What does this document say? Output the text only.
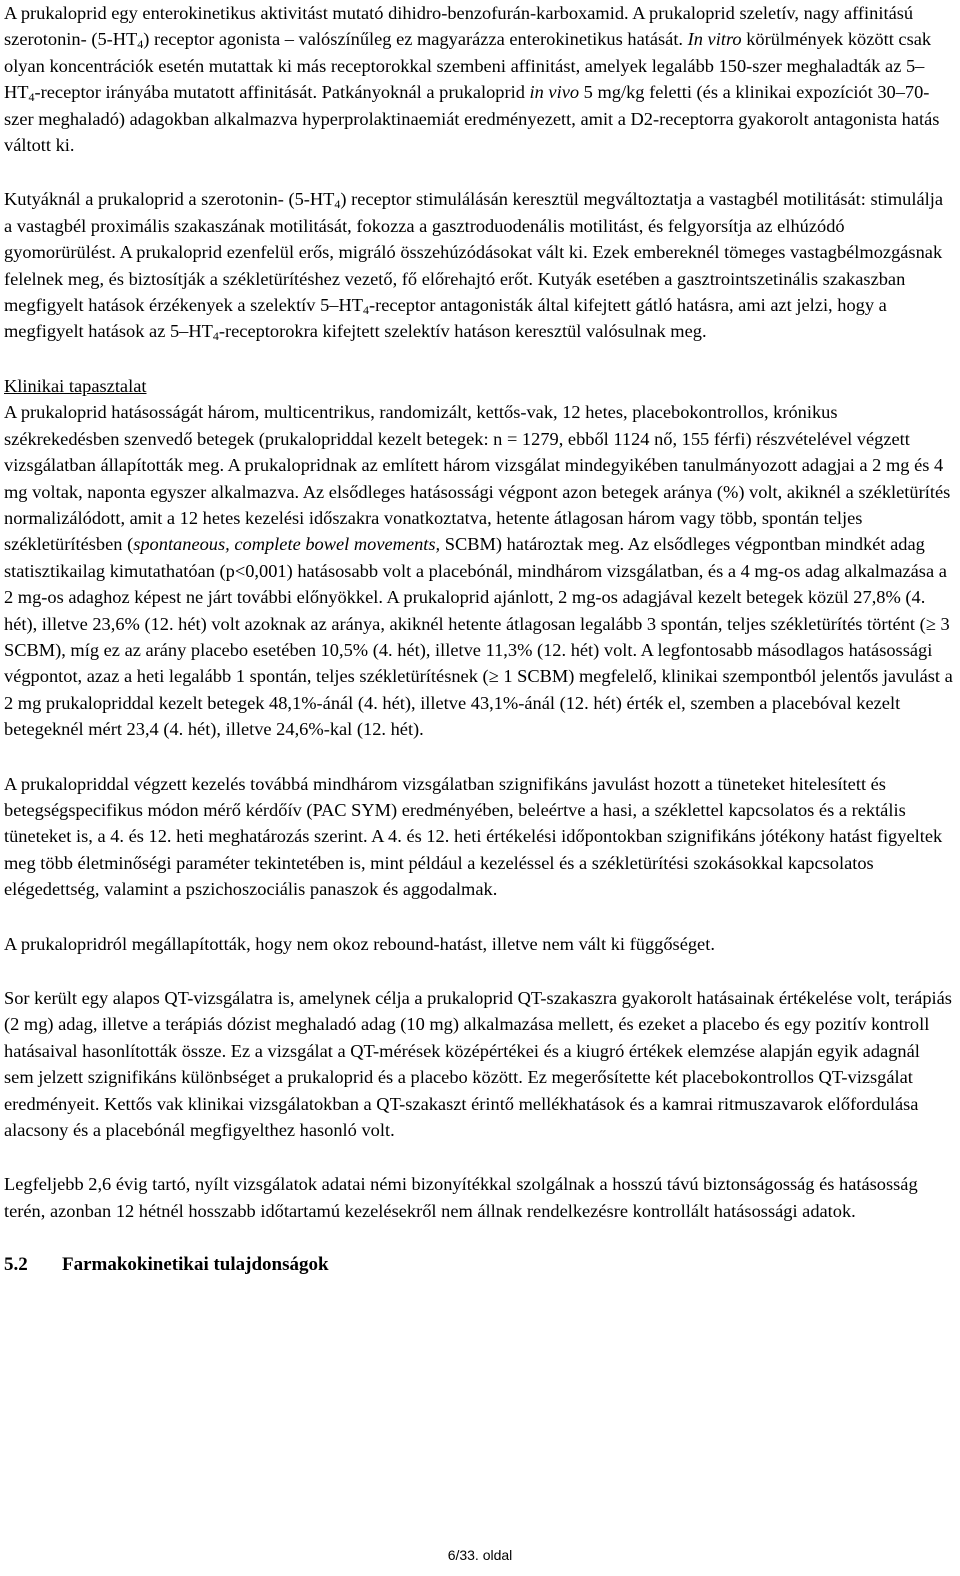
A prukaloprid egy enterokinetikus aktivitást mutató dihidro-benzofurán-karboxamid. A prukaloprid szeletív, nagy affinitású szerotonin- $(5-HT_4)$ receptor agonista – valószínűleg ez magyarázza enterokinetikus hatását. In vitro körülmények között csak olyan koncentrációk esetén mutattak ki más receptorokkal szembeni affinitást, amelyek legalább 150-szer meghaladták az $5-HT_4$-receptor irányába mutatott affinitását. Patkányoknál a prukaloprid in vivo 5 mg/kg feletti (és a klinikai expozíciót 30–70-szer meghaladó) adagokban alkalmazva hyperprolaktinaemiát eredményezett, amit a D2-receptorra gyakorolt antagonista hatás váltott ki.

Kutyáknál a prukaloprid a szerotonin- $(5-HT_4)$ receptor stimulálásán keresztül megváltoztatja a vastagbél motilitását: stimulálja a vastagbél proximális szakaszának motilitását, fokozza a gasztroduodenális motilitást, és felgyorsítja az elhúzódó gyomorürülést. A prukaloprid ezenfelül erős, migráló összehúzódásokat vált ki. Ezek embereknél tömeges vastagbélmozgásnak felelnek meg, és biztosítják a székletürítéshez vezető, fő előrehajtó erőt. Kutyák esetében a gasztrointszetinális szakaszban megfigyelt hatások érzékenyek a szelektív $5-HT_4$-receptor antagonisták által kifejtett gátló hatásra, ami azt jelzi, hogy a megfigyelt hatások az $5-HT_4$-receptorokra kifejtett szelektív hatáson keresztül valósulnak meg.

Klinikai tapasztalat

A prukaloprid hatásosságát három, multicentrikus, randomizált, kettős-vak, 12 hetes, placebokontrollos, krónikus székrekedésben szenvedő betegek (prukalopriddal kezelt betegek: n = 1279, ebből 1124 nő, 155 férfi) részvételével végzett vizsgálatban állapították meg. A prukalopridnak az említett három vizsgálat mindegyikében tanulmányozott adagjai a 2 mg és 4 mg voltak, naponta egyszer alkalmazva. Az elsődleges hatásossági végpont azon betegek aránya (%) volt, akiknél a székletürítés normalizálódott, amit a 12 hetes kezelési időszakra vonatkoztatva, hetente átlagosan három vagy több, spontán teljes székletürítésben (spontaneous, complete bowel movements, SCBM) határoztak meg. Az elsődleges végpontban mindkét adag statisztikailag kimutathatóan (p<0,001) hatásosabb volt a placebónál, mindhárom vizsgálatban, és a 4 mg-os adag alkalmazása a 2 mg-os adaghoz képest ne járt további előnyökkel. A prukaloprid ajánlott, 2 mg-os adagjával kezelt betegek közül 27,8% (4. hét), illetve 23,6% (12. hét) volt azoknak az aránya, akiknél hetente átlagosan legalább 3 spontán, teljes székletürítés történt (≥ 3 SCBM), míg ez az arány placebo esetében 10,5% (4. hét), illetve 11,3% (12. hét) volt. A legfontosabb másodlagos hatásossági végpontot, azaz a heti legalább 1 spontán, teljes székletürítésnek (≥ 1 SCBM) megfelelő, klinikai szempontból jelentős javulást a 2 mg prukalopriddal kezelt betegek 48,1%-ánál (4. hét), illetve 43,1%-ánál (12. hét) érték el, szemben a placebóval kezelt betegeknél mért 23,4 (4. hét), illetve 24,6%-kal (12. hét).

A prukalopriddal végzett kezelés továbbá mindhárom vizsgálatban szignifikáns javulást hozott a tüneteket hitelesített és betegségspecifikus módon mérő kérdőív (PAC SYM) eredményében, beleértve a hasi, a széklettel kapcsolatos és a rektális tüneteket is, a 4. és 12. heti meghatározás szerint. A 4. és 12. heti értékelési időpontokban szignifikáns jótékony hatást figyeltek meg több életminőségi paraméter tekintetében is, mint például a kezeléssel és a székletürítési szokásokkal kapcsolatos elégedettség, valamint a pszichoszociális panaszok és aggodalmak.

A prukalopridról megállapították, hogy nem okoz rebound-hatást, illetve nem vált ki függőséget.

Sor került egy alapos QT-vizsgálatra is, amelynek célja a prukaloprid QT-szakaszra gyakorolt hatásainak értékelése volt, terápiás (2 mg) adag, illetve a terápiás dózist meghaladó adag (10 mg) alkalmazása mellett, és ezeket a placebo és egy pozitív kontroll hatásaival hasonlították össze. Ez a vizsgálat a QT-mérések középértékei és a kiugró értékek elemzése alapján egyik adagnál sem jelzett szignifikáns különbséget a prukaloprid és a placebo között. Ez megerősítette két placebokontrollos QT-vizsgálat eredményeit. Kettős vak klinikai vizsgálatokban a QT-szakaszt érintő mellékhatások és a kamrai ritmuszavarok előfordulása alacsony és a placebónál megfigyelthez hasonló volt.

Legfeljebb 2,6 évig tartó, nyílt vizsgálatok adatai némi bizonyítékkal szolgálnak a hosszú távú biztonságosság és hatásosság terén, azonban 12 hétnél hosszabb időtartamú kezelésekről nem állnak rendelkezésre kontrollált hatásossági adatok.

5.2 Farmakokinetikai tulajdonságok

6/33. oldal
